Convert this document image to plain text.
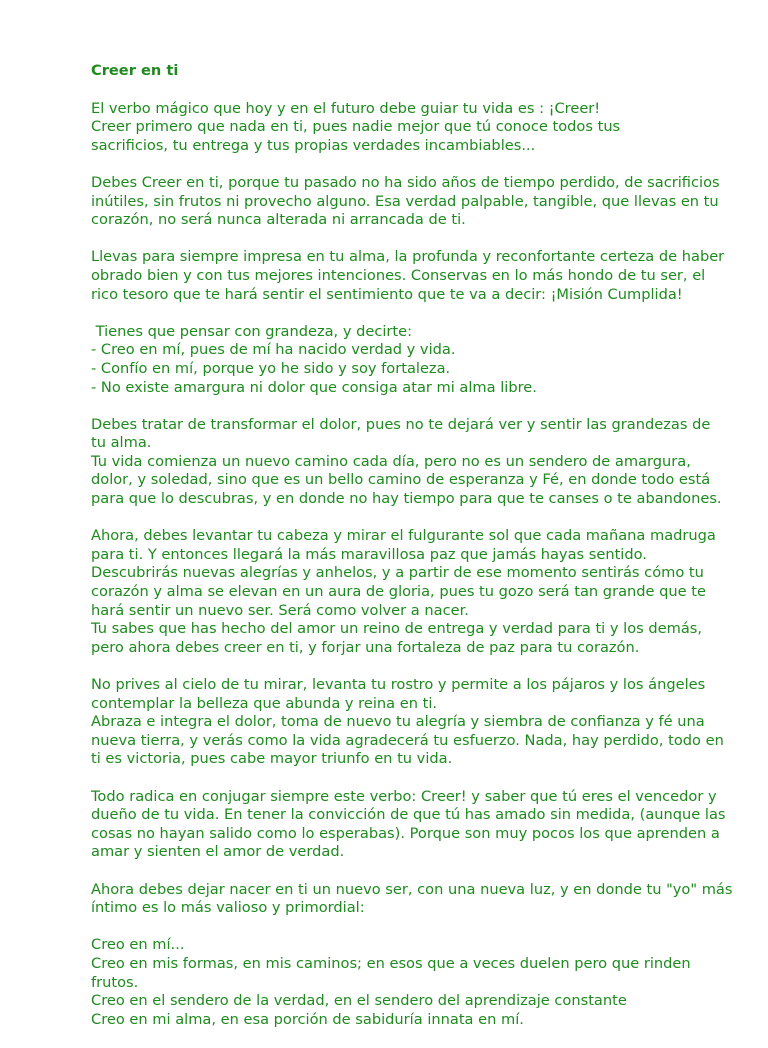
Creer en ti
El verbo mágico que hoy y en el futuro debe guiar tu vida es : ¡Creer!
Creer primero que nada en ti, pues nadie mejor que tú conoce todos tus
sacrificios, tu entrega y tus propias verdades incambiables...
Debes Creer en ti, porque tu pasado no ha sido años de tiempo perdido, de sacrificios
inútiles, sin frutos ni provecho alguno. Esa verdad palpable, tangible, que llevas en tu
corazón, no será nunca alterada ni arrancada de ti.
Llevas para siempre impresa en tu alma, la profunda y reconfortante certeza de haber
obrado bien y con tus mejores intenciones. Conservas en lo más hondo de tu ser, el
rico tesoro que te hará sentir el sentimiento que te va a decir: ¡Misión Cumplida!
Tienes que pensar con grandeza, y decirte:
- Creo en mí, pues de mí ha nacido verdad y vida.
- Confío en mí, porque yo he sido y soy fortaleza.
- No existe amargura ni dolor que consiga atar mi alma libre.
Debes tratar de transformar el dolor, pues no te dejará ver y sentir las grandezas de
tu alma.
Tu vida comienza un nuevo camino cada día, pero no es un sendero de amargura,
dolor, y soledad, sino que es un bello camino de esperanza y Fé, en donde todo está
para que lo descubras, y en donde no hay tiempo para que te canses o te abandones.
Ahora, debes levantar tu cabeza y mirar el fulgurante sol que cada mañana madruga
para ti. Y entonces llegará la más maravillosa paz que jamás hayas sentido.
Descubrirás nuevas alegrías y anhelos, y a partir de ese momento sentirás cómo tu
corazón y alma se elevan en un aura de gloria, pues tu gozo será tan grande que te
hará sentir un nuevo ser. Será como volver a nacer.
Tu sabes que has hecho del amor un reino de entrega y verdad para ti y los demás,
pero ahora debes creer en ti, y forjar una fortaleza de paz para tu corazón.
No prives al cielo de tu mirar, levanta tu rostro y permite a los pájaros y los ángeles
contemplar la belleza que abunda y reina en ti.
Abraza e integra el dolor, toma de nuevo tu alegría y siembra de confianza y fé una
nueva tierra, y verás como la vida agradecerá tu esfuerzo. Nada, hay perdido, todo en
ti es victoria, pues cabe mayor triunfo en tu vida.
Todo radica en conjugar siempre este verbo: Creer! y saber que tú eres el vencedor y
dueño de tu vida. En tener la convicción de que tú has amado sin medida, (aunque las
cosas no hayan salido como lo esperabas). Porque son muy pocos los que aprenden a
amar y sienten el amor de verdad.
Ahora debes dejar nacer en ti un nuevo ser, con una nueva luz, y en donde tu "yo" más
íntimo es lo más valioso y primordial:
Creo en mí...
Creo en mis formas, en mis caminos; en esos que a veces duelen pero que rinden
frutos.
Creo en el sendero de la verdad, en el sendero del aprendizaje constante
Creo en mi alma, en esa porción de sabiduría innata en mí.
